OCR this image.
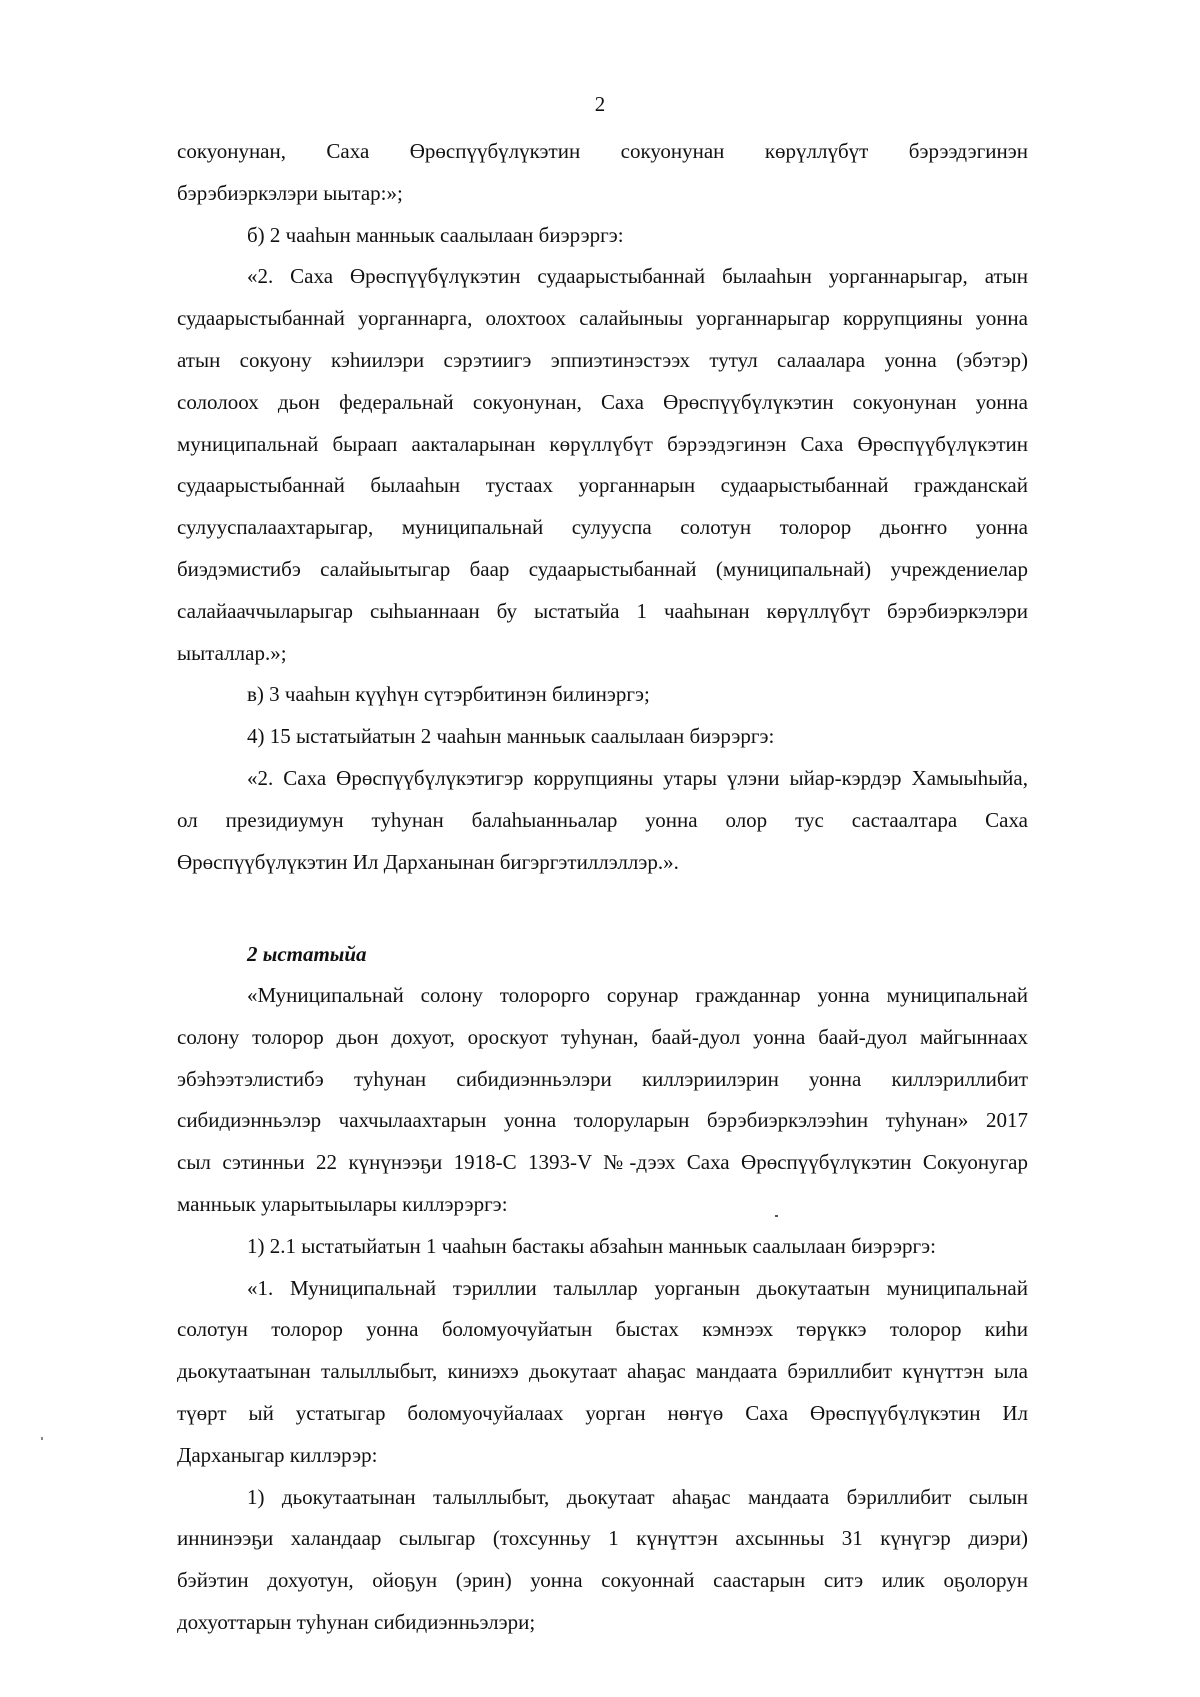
2
сокуонунан, Саха Өрөспүүбүлүкэтин сокуонунан көрүллүбүт бэрээдэгинэн
бэрэбиэркэлэри ыытар:»;
б) 2 чааһын манньык саалылаан биэрэргэ:
«2. Саха Өрөспүүбүлүкэтин судаарыстыбаннай былааһын уорганнарыгар, атын
судаарыстыбаннай уорганнарга, олохтоох салайыныы уорганнарыгар коррупцияны уонна
атын сокуону кэһиилэри сэрэтиигэ эппиэтинэстээх тутул салаалара уонна (эбэтэр)
сололоох дьон федеральнай сокуонунан, Саха Өрөспүүбүлүкэтин сокуонунан уонна
муниципальнай быраап аакталарынан көрүллүбүт бэрээдэгинэн Саха Өрөспүүбүлүкэтин
судаарыстыбаннай былааһын тустаах уорганнарын судаарыстыбаннай гражданскай
сулууспалаахтарыгар, муниципальнай сулууспа солотун толорор дьоҥҥо уонна
биэдэмистибэ салайыытыгар баар судаарыстыбаннай (муниципальнай) учреждениелар
салайааччыларыгар сыһыаннаан бу ыстатыйа 1 чааһынан көрүллүбүт бэрэбиэркэлэри
ыыталлар.»;
в) 3 чааһын күүһүн сүтэрбитинэн билинэргэ;
4) 15 ыстатыйатын 2 чааһын манньык саалылаан биэрэргэ:
«2. Саха Өрөспүүбүлүкэтигэр коррупцияны утары үлэни ыйар-кэрдэр Хамыыһыйа,
ол президиумун туһунан балаһыанньалар уонна олор тус састаалтара Саха
Өрөспүүбүлүкэтин Ил Дарханынан бигэргэтиллэллэр.».
2 ыстатыйа
«Муниципальнай солону толорорго сорунар гражданнар уонна муниципальнай
солону толорор дьон дохуот, ороскуот туһунан, баай-дуол уонна баай-дуол майгыннаах
эбэһээтэлистибэ туһунан сибидиэнньэлэри киллэриилэрин уонна киллэриллибит
сибидиэнньэлэр чахчылаахтарын уонна толоруларын бэрэбиэркэлээһин туһунан» 2017
сыл сэтинньи 22 күнүнээҕи 1918-С 1393-V №-дээх Саха Өрөспүүбүлүкэтин Сокуонугар
манньык уларытыылары киллэрэргэ:
1) 2.1 ыстатыйатын 1 чааһын бастакы абзаһын манньык саалылаан биэрэргэ:
«1. Муниципальнай тэриллии талыллар уорганын дьокутаатын муниципальнай
солотун толорор уонна боломуочуйатын быстах кэмнээх төрүккэ толорор киһи
дьокутаатынан талыллыбыт, киниэхэ дьокутаат аһаҕас мандаата бэриллибит күнүттэн ыла
түөрт ый устатыгар боломуочуйалаах уорган нөҥүө Саха Өрөспүүбүлүкэтин Ил
Дарханыгар киллэрэр:
1) дьокутаатынан талыллыбыт, дьокутаат аһаҕас мандаата бэриллибит сылын
иннинээҕи халандаар сылыгар (тохсунньу 1 күнүттэн ахсынньы 31 күнүгэр диэри)
бэйэтин дохуотун, ойоҕун (эрин) уонна сокуоннай саастарын ситэ илик оҕолорун
дохуоттарын туһунан сибидиэнньэлэри;
